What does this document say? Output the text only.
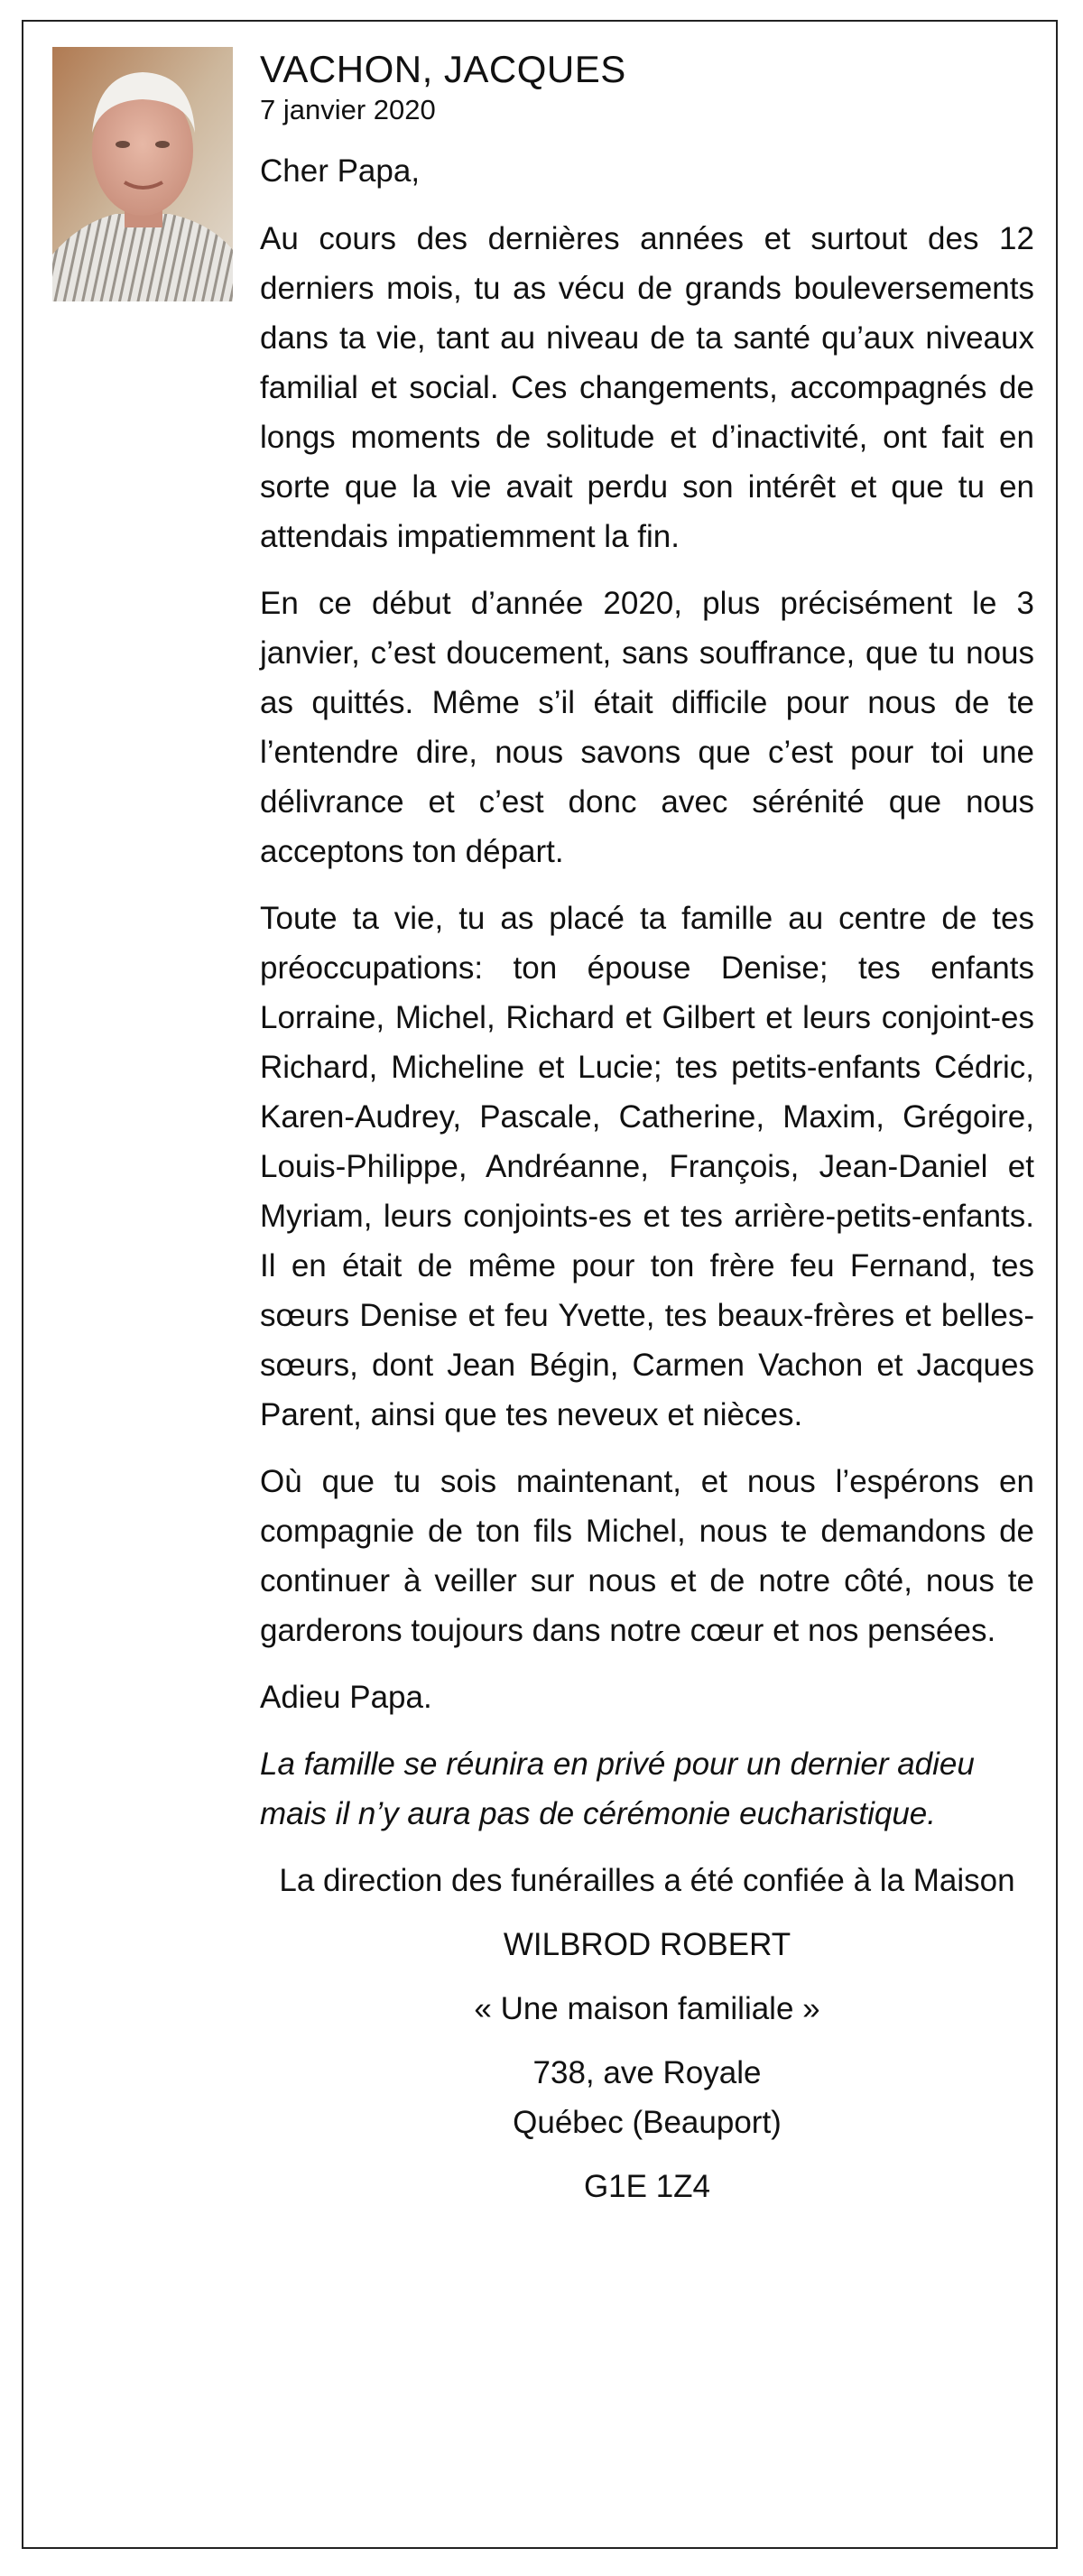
VACHON, JACQUES
7 janvier 2020

Cher Papa,

Au cours des dernières années et surtout des 12 derniers mois, tu as vécu de grands bouleversements dans ta vie, tant au niveau de ta santé qu’aux niveaux familial et social. Ces changements, accompagnés de longs moments de solitude et d’inactivité, ont fait en sorte que la vie avait perdu son intérêt et que tu en attendais impatiemment la fin.

En ce début d’année 2020, plus précisément le 3 janvier, c’est doucement, sans souffrance, que tu nous as quittés. Même s’il était difficile pour nous de te l’entendre dire, nous savons que c’est pour toi une délivrance et c’est donc avec sérénité que nous acceptons ton départ.

Toute ta vie, tu as placé ta famille au centre de tes préoccupations: ton épouse Denise; tes enfants Lorraine, Michel, Richard et Gilbert et leurs conjoint-es Richard, Micheline et Lucie; tes petits-enfants Cédric, Karen-Audrey, Pascale, Catherine, Maxim, Grégoire, Louis-Philippe, Andréanne, François, Jean-Daniel et Myriam, leurs conjoints-es et tes arrière-petits-enfants. Il en était de même pour ton frère feu Fernand, tes sœurs Denise et feu Yvette, tes beaux-frères et belles-sœurs, dont Jean Bégin, Carmen Vachon et Jacques Parent, ainsi que tes neveux et nièces.

Où que tu sois maintenant, et nous l’espérons en compagnie de ton fils Michel, nous te demandons de continuer à veiller sur nous et de notre côté, nous te garderons toujours dans notre cœur et nos pensées.

Adieu Papa.

La famille se réunira en privé pour un dernier adieu mais il n’y aura pas de cérémonie eucharistique.

La direction des funérailles a été confiée à la Maison

WILBROD ROBERT

« Une maison familiale »

738, ave Royale

Québec (Beauport)

G1E 1Z4
